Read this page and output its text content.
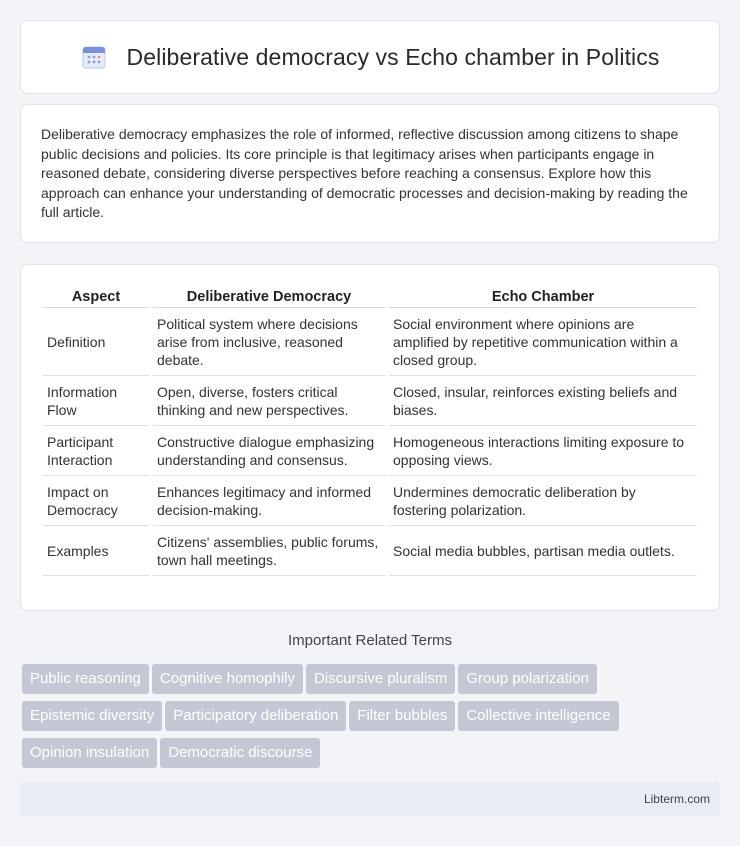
Deliberative democracy vs Echo chamber in Politics

Deliberative democracy emphasizes the role of informed, reflective discussion among citizens to shape public decisions and policies. Its core principle is that legitimacy arises when participants engage in reasoned debate, considering diverse perspectives before reaching a consensus. Explore how this approach can enhance your understanding of democratic processes and decision-making by reading the full article.

Aspect	Deliberative Democracy	Echo Chamber
Definition	Political system where decisions arise from inclusive, reasoned debate.	Social environment where opinions are amplified by repetitive communication within a closed group.
Information Flow	Open, diverse, fosters critical thinking and new perspectives.	Closed, insular, reinforces existing beliefs and biases.
Participant Interaction	Constructive dialogue emphasizing understanding and consensus.	Homogeneous interactions limiting exposure to opposing views.
Impact on Democracy	Enhances legitimacy and informed decision-making.	Undermines democratic deliberation by fostering polarization.
Examples	Citizens' assemblies, public forums, town hall meetings.	Social media bubbles, partisan media outlets.
Important Related Terms
Public reasoning Cognitive homophily Discursive pluralism Group polarization
Epistemic diversity Participatory deliberation Filter bubbles Collective intelligence
Opinion insulation Democratic discourse
Libterm.com
